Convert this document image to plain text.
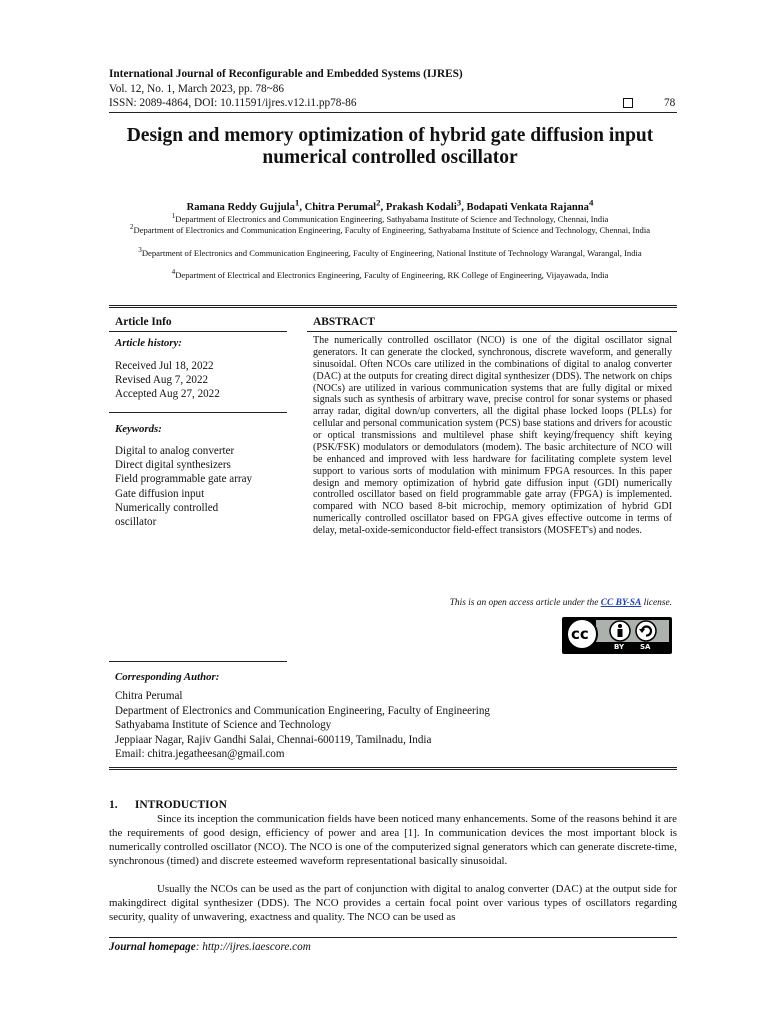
International Journal of Reconfigurable and Embedded Systems (IJRES)
Vol. 12, No. 1, March 2023, pp. 78~86
ISSN: 2089-4864, DOI: 10.11591/ijres.v12.i1.pp78-86	78
Design and memory optimization of hybrid gate diffusion input
numerical controlled oscillator
Ramana Reddy Gujjula$^1$, Chitra Perumal$^2$, Prakash Kodali$^3$, Bodapati Venkata Rajanna$^4$
$^1$Department of Electronics and Communication Engineering, Sathyabama Institute of Science and Technology, Chennai, India
$^2$Department of Electronics and Communication Engineering, Faculty of Engineering, Sathyabama Institute of Science and Technology, Chennai, India
$^3$Department of Electronics and Communication Engineering, Faculty of Engineering, National Institute of Technology Warangal, Warangal, India
$^4$Department of Electrical and Electronics Engineering, Faculty of Engineering, RK College of Engineering, Vijayawada, India
Article Info
Article history:
Received Jul 18, 2022
Revised Aug 7, 2022
Accepted Aug 27, 2022
Keywords:
Digital to analog converter
Direct digital synthesizers
Field programmable gate array
Gate diffusion input
Numerically controlled
oscillator
ABSTRACT
The numerically controlled oscillator (NCO) is one of the digital oscillator signal generators. It can generate the clocked, synchronous, discrete waveform, and generally sinusoidal. Often NCOs care utilized in the combinations of digital to analog converter (DAC) at the outputs for creating direct digital synthesizer (DDS). The network on chips (NOCs) are utilized in various communication systems that are fully digital or mixed signals such as synthesis of arbitrary wave, precise control for sonar systems or phased array radar, digital down/up converters, all the digital phase locked loops (PLLs) for cellular and personal communication system (PCS) base stations and drivers for acoustic or optical transmissions and multilevel phase shift keying/frequency shift keying (PSK/FSK) modulators or demodulators (modem). The basic architecture of NCO will be enhanced and improved with less hardware for facilitating complete system level support to various sorts of modulation with minimum FPGA resources. In this paper design and memory optimization of hybrid gate diffusion input (GDI) numerically controlled oscillator based on field programmable gate array (FPGA) is implemented. compared with NCO based 8-bit microchip, memory optimization of hybrid GDI numerically controlled oscillator based on FPGA gives effective outcome in terms of delay, metal-oxide-semiconductor field-effect transistors (MOSFET's) and nodes.
This is an open access article under the CC BY-SA license.
cc
BY SA
Corresponding Author:
Chitra Perumal
Department of Electronics and Communication Engineering, Faculty of Engineering
Sathyabama Institute of Science and Technology
Jeppiaar Nagar, Rajiv Gandhi Salai, Chennai-600119, Tamilnadu, India
Email: chitra.jegatheesan@gmail.com
1.      INTRODUCTION
Since its inception the communication fields have been noticed many enhancements. Some of the reasons behind it are the requirements of good design, efficiency of power and area [1]. In communication devices the most important block is numerically controlled oscillator (NCO). The NCO is one of the computerized signal generators which can generate discrete-time, synchronous (timed) and discrete esteemed waveform representational basically sinusoidal.
Usually the NCOs can be used as the part of conjunction with digital to analog converter (DAC) at the output side for makingdirect digital synthesizer (DDS). The NCO provides a certain focal point over various types of oscillators regarding security, quality of unwavering, exactness and quality. The NCO can be used as
Journal homepage: http://ijres.iaescore.com
